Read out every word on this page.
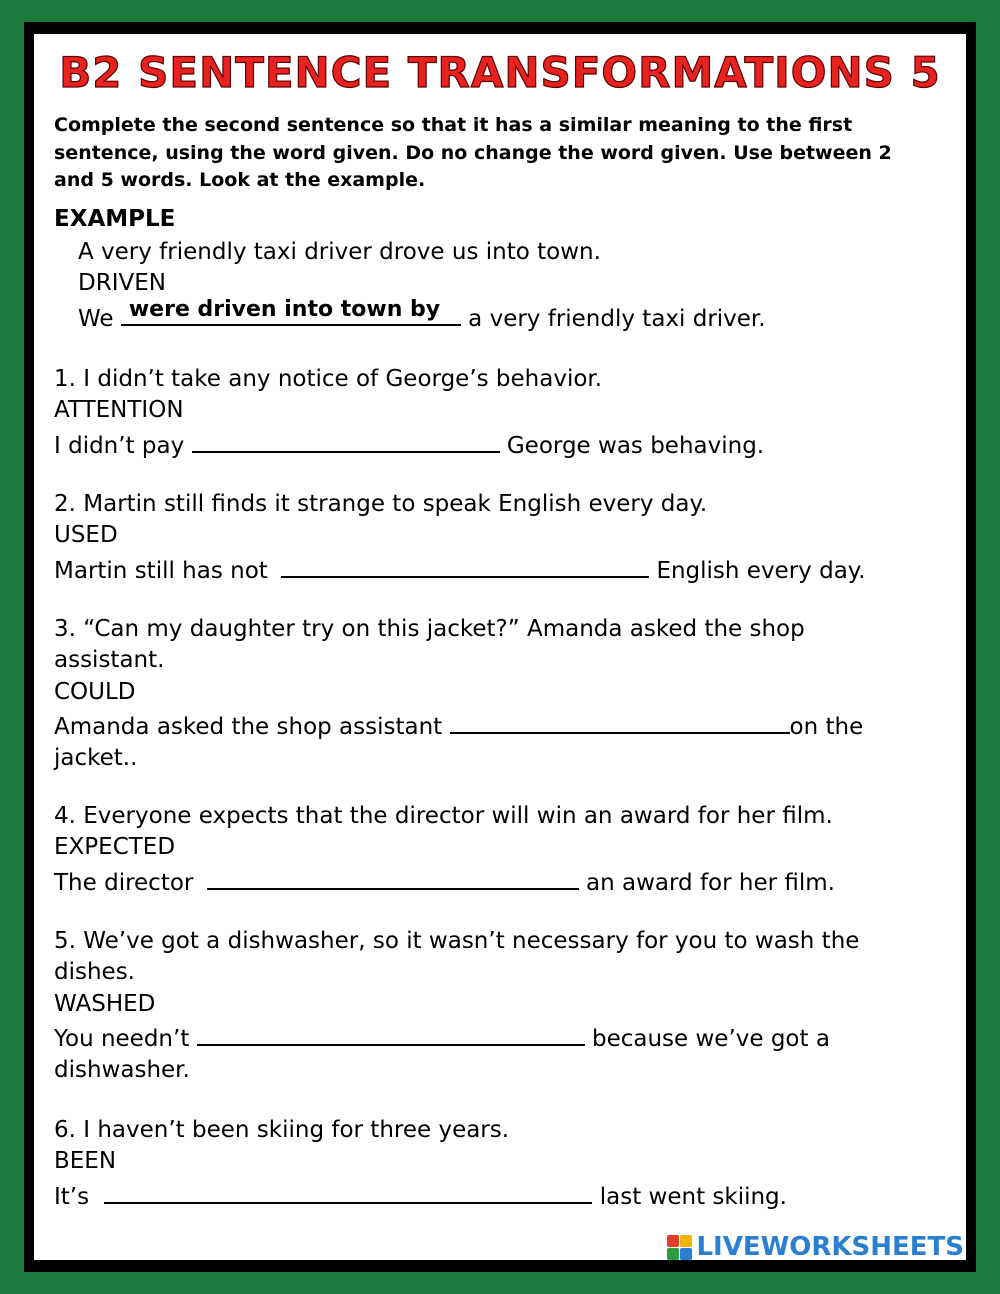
B2 SENTENCE TRANSFORMATIONS 5
Complete the second sentence so that it has a similar meaning to the first
sentence, using the word given. Do no change the word given. Use between 2
and 5 words. Look at the example.
EXAMPLE
A very friendly taxi driver drove us into town.
DRIVEN
We were driven into town by a very friendly taxi driver.
1. I didn’t take any notice of George’s behavior.
ATTENTION
I didn’t pay	George was behaving.
2. Martin still finds it strange to speak English every day.
USED
Martin still has not	English every day.
3. “Can my daughter try on this jacket?” Amanda asked the shop
assistant.
COULD
Amanda asked the shop assistant	on the
jacket..
4. Everyone expects that the director will win an award for her film.
EXPECTED
The director	an award for her film.
5. We’ve got a dishwasher, so it wasn’t necessary for you to wash the
dishes.
WASHED
You needn’t	because we’ve got a
dishwasher.
6. I haven’t been skiing for three years.
BEEN
It’s	last went skiing.
LIVEWORKSHEETS
